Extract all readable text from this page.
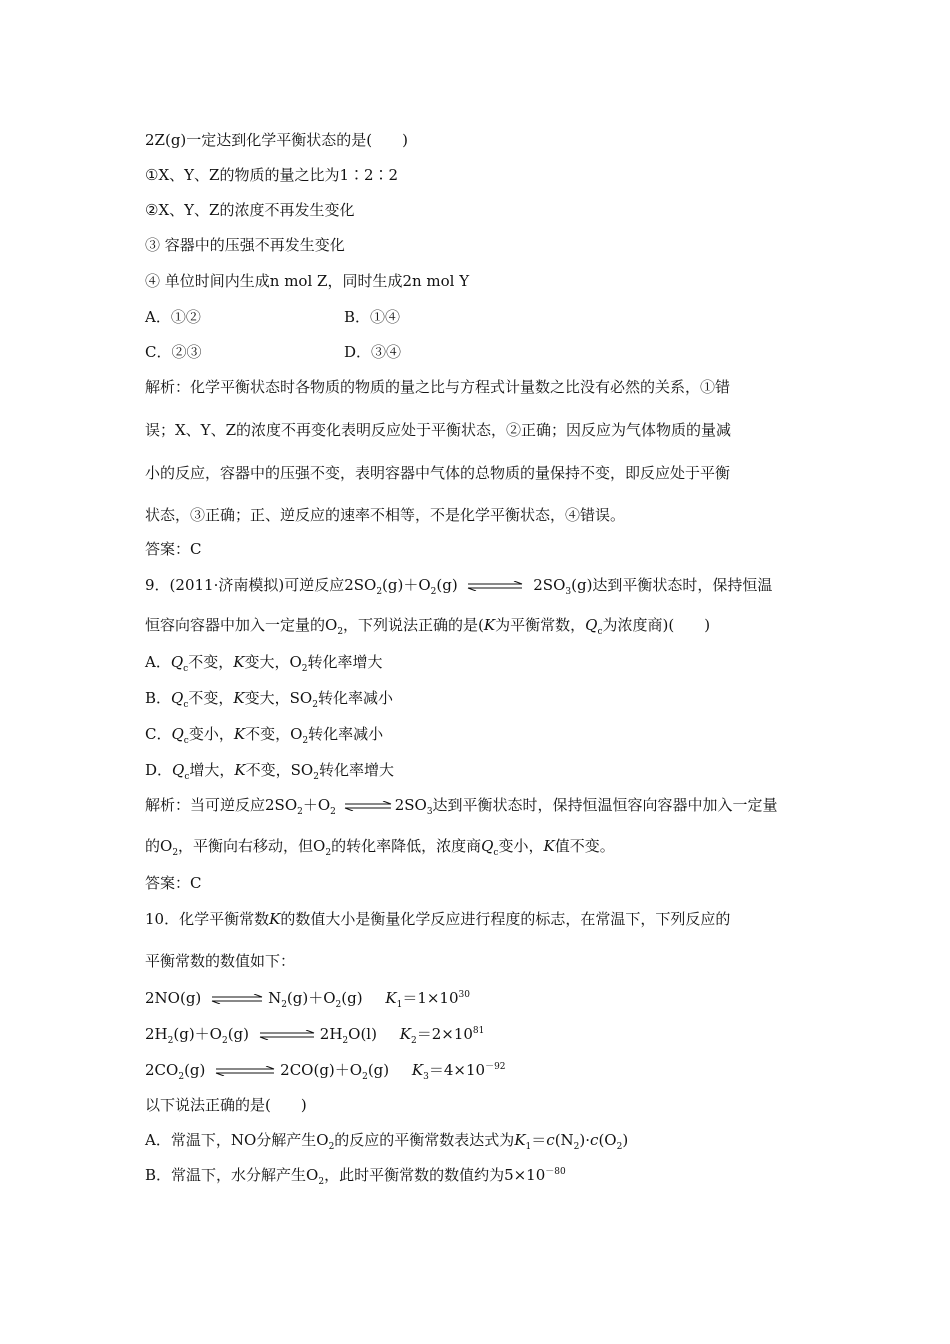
2Z(g)一定达到化学平衡状态的是(　　)
①X、Y、Z的物质的量之比为1∶2∶2
②X、Y、Z的浓度不再发生变化
③ 容器中的压强不再发生变化
④ 单位时间内生成n mol Z，同时生成2n mol Y
A．①②	B．①④
C．②③	D．③④
解析：化学平衡状态时各物质的物质的量之比与方程式计量数之比没有必然的关系，①错
误；X、Y、Z的浓度不再变化表明反应处于平衡状态，②正确；因反应为气体物质的量减
小的反应，容器中的压强不变，表明容器中气体的总物质的量保持不变，即反应处于平衡
状态，③正确；正、逆反应的速率不相等，不是化学平衡状态，④错误。
答案：C
9．(2011·济南模拟)可逆反应$2SO_2(g)+O_2(g)$ ⇌ $2SO_3(g)$达到平衡状态时，保持恒温
恒容向容器中加入一定量的$O_2$，下列说法正确的是(K为平衡常数，$Q_c$为浓度商)(　　)
A．$Q_c$不变，K变大，$O_2$转化率增大
B．$Q_c$不变，K变大，$SO_2$转化率减小
C．$Q_c$变小，K不变，$O_2$转化率减小
D．$Q_c$增大，K不变，$SO_2$转化率增大
解析：当可逆反应$2SO_2+O_2$ ⇌ $2SO_3$达到平衡状态时，保持恒温恒容向容器中加入一定量
的$O_2$，平衡向右移动，但$O_2$的转化率降低，浓度商$Q_c$变小，K值不变。
答案：C
10．化学平衡常数K的数值大小是衡量化学反应进行程度的标志，在常温下，下列反应的
平衡常数的数值如下：
2NO(g) ⇌ $N_2(g)+O_2(g)$ $K_1=1\times 10^{30}$
$2H_2(g)+O_2(g)$ ⇌ $2H_2O(l)$ $K_2=2\times 10^{81}$
$2CO_2(g)$	$2CO(g)+O_2(g)$ $K_3=4\times 10^{-92}$
以下说法正确的是(　　)
A．常温下，NO分解产生$O_2$的反应的平衡常数表达式为$K_1=c(N_2)\cdot c(O_2)$
B．常温下，水分解产生$O_2$，此时平衡常数的数值约为$5\times 10^{-80}$
